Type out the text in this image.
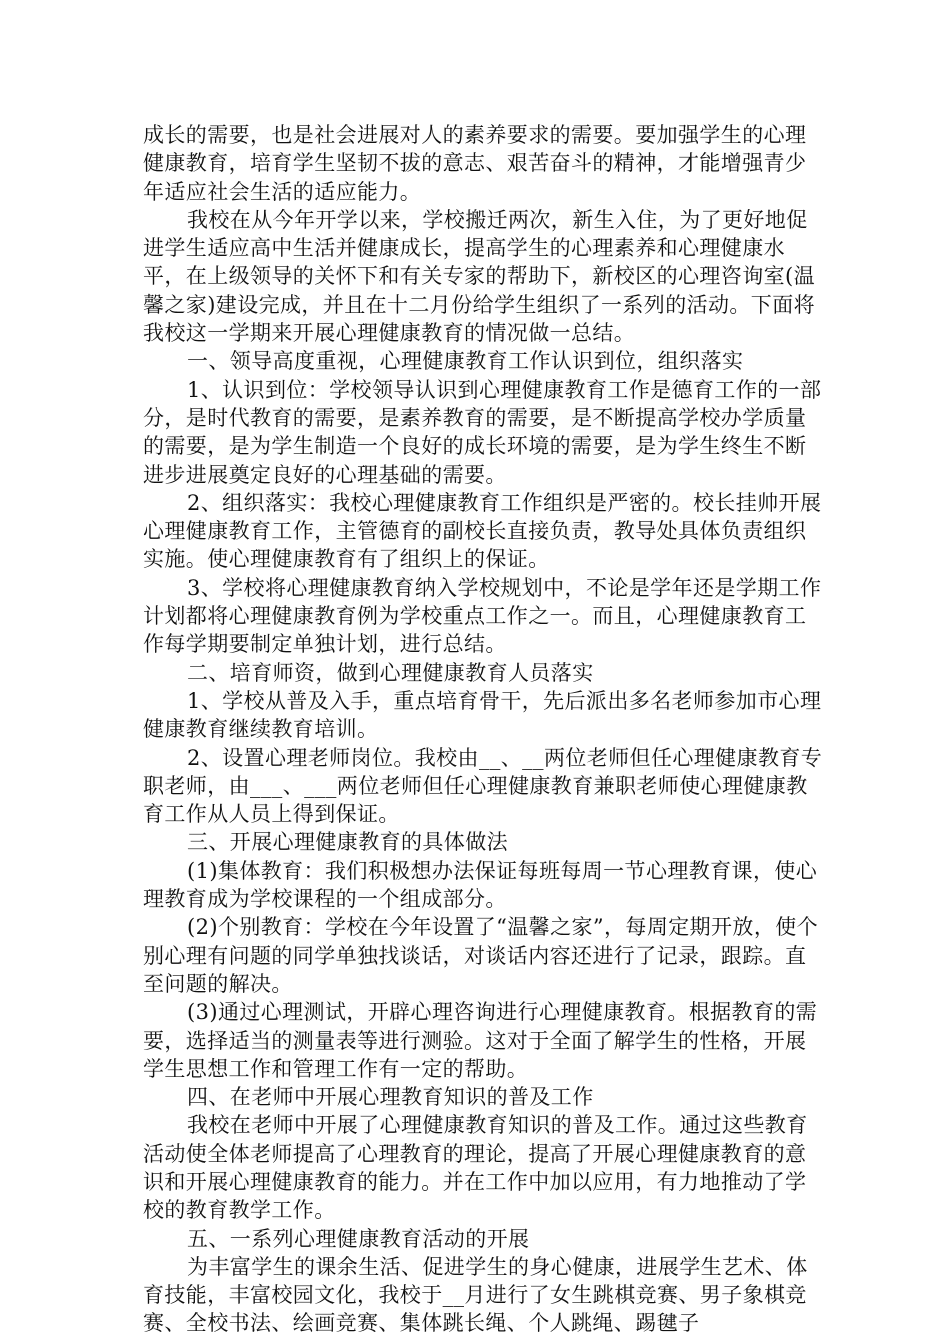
成长的需要，也是社会进展对人的素养要求的需要。要加强学生的心理健康教育，培育学生坚韧不拔的意志、艰苦奋斗的精神，才能增强青少年适应社会生活的适应能力。

我校在从今年开学以来，学校搬迁两次，新生入住，为了更好地促进学生适应高中生活并健康成长，提高学生的心理素养和心理健康水平，在上级领导的关怀下和有关专家的帮助下，新校区的心理咨询室(温馨之家)建设完成，并且在十二月份给学生组织了一系列的活动。下面将我校这一学期来开展心理健康教育的情况做一总结。

一、领导高度重视，心理健康教育工作认识到位，组织落实

1、认识到位：学校领导认识到心理健康教育工作是德育工作的一部分，是时代教育的需要，是素养教育的需要，是不断提高学校办学质量的需要，是为学生制造一个良好的成长环境的需要，是为学生终生不断进步进展奠定良好的心理基础的需要。

2、组织落实：我校心理健康教育工作组织是严密的。校长挂帅开展心理健康教育工作，主管德育的副校长直接负责，教导处具体负责组织实施。使心理健康教育有了组织上的保证。

3、学校将心理健康教育纳入学校规划中，不论是学年还是学期工作计划都将心理健康教育例为学校重点工作之一。而且，心理健康教育工作每学期要制定单独计划，进行总结。

二、培育师资，做到心理健康教育人员落实

1、学校从普及入手，重点培育骨干，先后派出多名老师参加市心理健康教育继续教育培训。

2、设置心理老师岗位。我校由__、__两位老师但任心理健康教育专职老师，由___、___两位老师但任心理健康教育兼职老师使心理健康教育工作从人员上得到保证。

三、开展心理健康教育的具体做法

(1)集体教育：我们积极想办法保证每班每周一节心理教育课，使心理教育成为学校课程的一个组成部分。

(2)个别教育：学校在今年设置了“温馨之家”，每周定期开放，使个别心理有问题的同学单独找谈话，对谈话内容还进行了记录，跟踪。直至问题的解决。

(3)通过心理测试，开辟心理咨询进行心理健康教育。根据教育的需要，选择适当的测量表等进行测验。这对于全面了解学生的性格，开展学生思想工作和管理工作有一定的帮助。

四、在老师中开展心理教育知识的普及工作

我校在老师中开展了心理健康教育知识的普及工作。通过这些教育活动使全体老师提高了心理教育的理论，提高了开展心理健康教育的意识和开展心理健康教育的能力。并在工作中加以应用，有力地推动了学校的教育教学工作。

五、一系列心理健康教育活动的开展

为丰富学生的课余生活、促进学生的身心健康，进展学生艺术、体育技能，丰富校园文化，我校于__月进行了女生跳棋竞赛、男子象棋竞赛、全校书法、绘画竞赛、集体跳长绳、个人跳绳、踢毽子
